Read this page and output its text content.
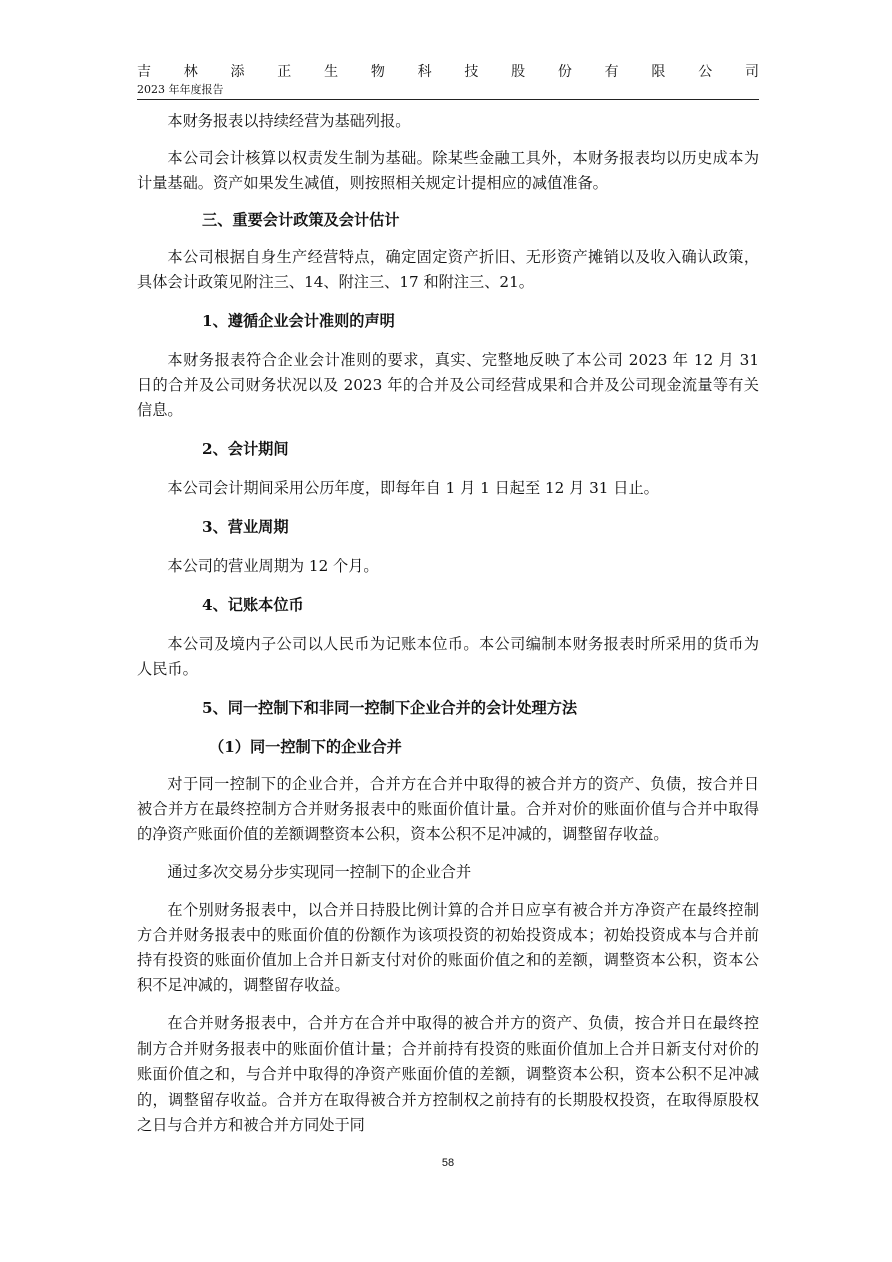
吉 林 添 正 生 物 科 技 股 份 有 限 公 司
2023 年年度报告

本财务报表以持续经营为基础列报。

本公司会计核算以权责发生制为基础。除某些金融工具外，本财务报表均以历史成本为计量基础。资产如果发生减值，则按照相关规定计提相应的减值准备。

三、重要会计政策及会计估计

本公司根据自身生产经营特点，确定固定资产折旧、无形资产摊销以及收入确认政策，具体会计政策见附注三、14、附注三、17 和附注三、21。

1、遵循企业会计准则的声明

本财务报表符合企业会计准则的要求，真实、完整地反映了本公司 2023 年 12 月 31 日的合并及公司财务状况以及 2023 年的合并及公司经营成果和合并及公司现金流量等有关信息。

2、会计期间

本公司会计期间采用公历年度，即每年自 1 月 1 日起至 12 月 31 日止。

3、营业周期

本公司的营业周期为 12 个月。

4、记账本位币

本公司及境内子公司以人民币为记账本位币。本公司编制本财务报表时所采用的货币为人民币。

5、同一控制下和非同一控制下企业合并的会计处理方法

（1）同一控制下的企业合并

对于同一控制下的企业合并，合并方在合并中取得的被合并方的资产、负债，按合并日被合并方在最终控制方合并财务报表中的账面价值计量。合并对价的账面价值与合并中取得的净资产账面价值的差额调整资本公积，资本公积不足冲减的，调整留存收益。

通过多次交易分步实现同一控制下的企业合并

在个别财务报表中，以合并日持股比例计算的合并日应享有被合并方净资产在最终控制方合并财务报表中的账面价值的份额作为该项投资的初始投资成本；初始投资成本与合并前持有投资的账面价值加上合并日新支付对价的账面价值之和的差额，调整资本公积，资本公积不足冲减的，调整留存收益。

在合并财务报表中，合并方在合并中取得的被合并方的资产、负债，按合并日在最终控制方合并财务报表中的账面价值计量；合并前持有投资的账面价值加上合并日新支付对价的账面价值之和，与合并中取得的净资产账面价值的差额，调整资本公积，资本公积不足冲减的，调整留存收益。合并方在取得被合并方控制权之前持有的长期股权投资，在取得原股权之日与合并方和被合并方同处于同

58
